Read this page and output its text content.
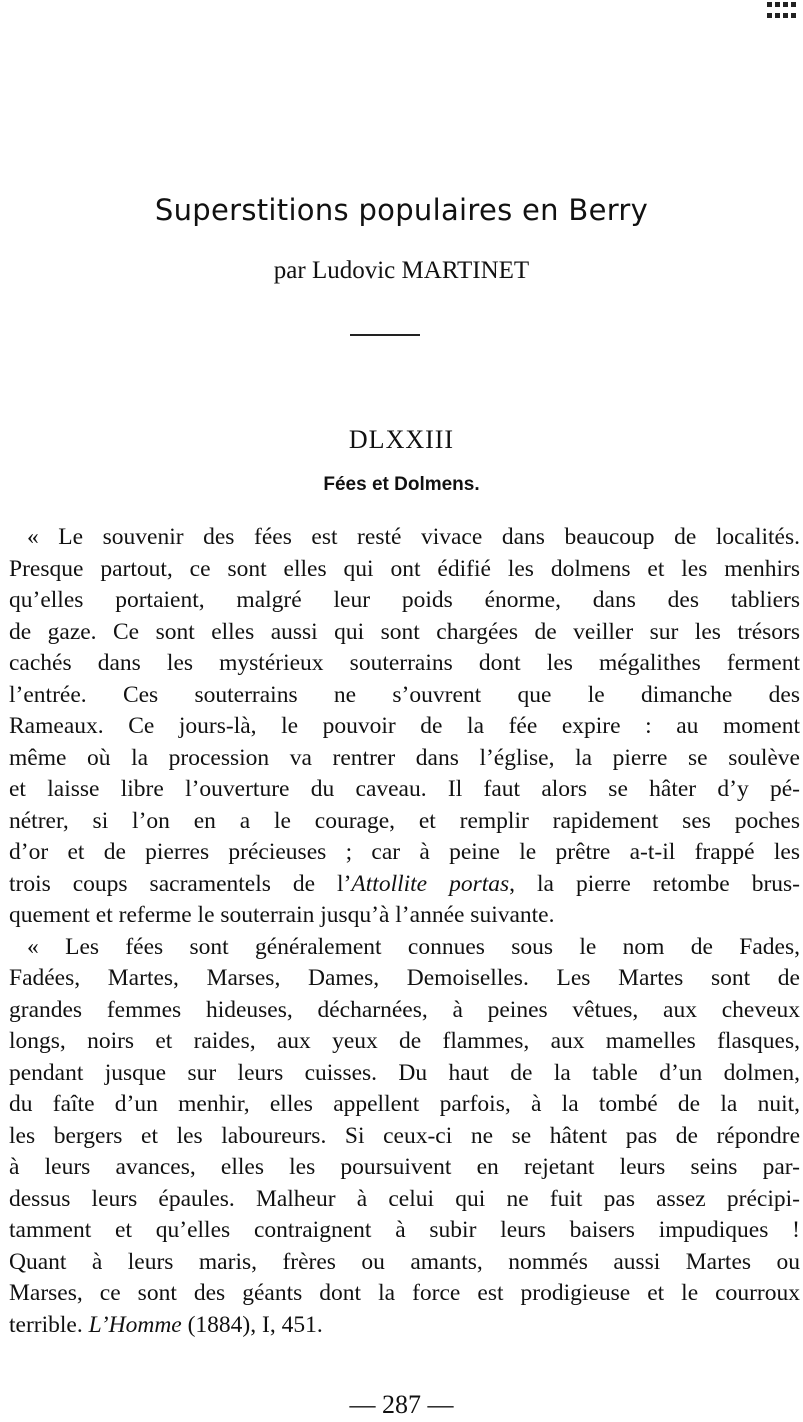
Superstitions populaires en Berry
par Ludovic MARTINET
DLXXIII
Fées et Dolmens.
« Le souvenir des fées est resté vivace dans beaucoup de localités.
Presque partout, ce sont elles qui ont édifié les dolmens et les menhirs
qu’elles portaient, malgré leur poids énorme, dans des tabliers
de gaze. Ce sont elles aussi qui sont chargées de veiller sur les trésors
cachés dans les mystérieux souterrains dont les mégalithes ferment
l’entrée. Ces souterrains ne s’ouvrent que le dimanche des
Rameaux. Ce jours-là, le pouvoir de la fée expire : au moment
même où la procession va rentrer dans l’église, la pierre se soulève
et laisse libre l’ouverture du caveau. Il faut alors se hâter d’y pé-
nétrer, si l’on en a le courage, et remplir rapidement ses poches
d’or et de pierres précieuses ; car à peine le prêtre a-t-il frappé les
trois coups sacramentels de l’Attollite portas, la pierre retombe brus-
quement et referme le souterrain jusqu’à l’année suivante.
« Les fées sont généralement connues sous le nom de Fades,
Fadées, Martes, Marses, Dames, Demoiselles. Les Martes sont de
grandes femmes hideuses, décharnées, à peines vêtues, aux cheveux
longs, noirs et raides, aux yeux de flammes, aux mamelles flasques,
pendant jusque sur leurs cuisses. Du haut de la table d’un dolmen,
du faîte d’un menhir, elles appellent parfois, à la tombé de la nuit,
les bergers et les laboureurs. Si ceux-ci ne se hâtent pas de répondre
à leurs avances, elles les poursuivent en rejetant leurs seins par-
dessus leurs épaules. Malheur à celui qui ne fuit pas assez précipi-
tamment et qu’elles contraignent à subir leurs baisers impudiques !
Quant à leurs maris, frères ou amants, nommés aussi Martes ou
Marses, ce sont des géants dont la force est prodigieuse et le courroux
terrible. L’Homme (1884), I, 451.
— 287 —
